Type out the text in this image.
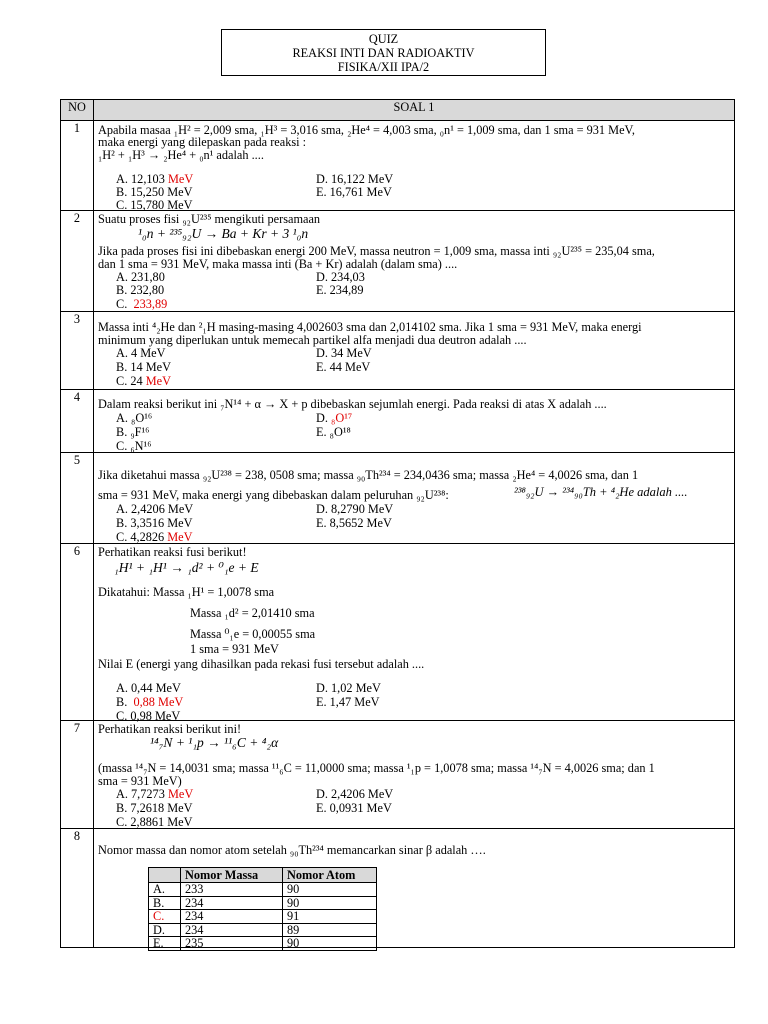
QUIZ
REAKSI INTI DAN RADIOAKTIV
FISIKA/XII IPA/2
NO	SOAL 1
1	Apabila masaa ₁H² = 2,009 sma, ₁H³ = 3,016 sma, ₂He⁴ = 4,003 sma, ₀n¹ = 1,009 sma, dan 1 sma = 931 MeV,
maka energi yang dilepaskan pada reaksi :
₁H² + ₁H³ → ₂He⁴ + ₀n¹ adalah ....
A. 12,103 MeV
B. 15,250 MeV
C. 15,780 MeV
D. 16,122 MeV
E. 16,761 MeV

2	Suatu proses fisi ₉₂U²³⁵ mengikuti persamaan
¹₀n + ²³⁵₉₂U → Ba + Kr + 3 ¹₀n
Jika pada proses fisi ini dibebaskan energi 200 MeV, massa neutron = 1,009 sma, massa inti ₉₂U²³⁵ = 235,04 sma,
dan 1 sma = 931 MeV, maka massa inti (Ba + Kr) adalah (dalam sma) ....
A. 231,80
B. 232,80
C. 233,89
D. 234,03
E. 234,89

3	
Massa inti ⁴₂He dan ²₁H masing-masing 4,002603 sma dan 2,014102 sma. Jika 1 sma = 931 MeV, maka energi
minimum yang diperlukan untuk memecah partikel alfa menjadi dua deutron adalah ....
A. 4 MeV
B. 14 MeV
C. 24 MeV
D. 34 MeV
E. 44 MeV

4	Dalam reaksi berikut ini ₇N¹⁴ + α → X + p dibebaskan sejumlah energi. Pada reaksi di atas X adalah ....
A. ₈O¹⁶
B. ₉F¹⁶
C. ₆N¹⁶
D. ₈O¹⁷
E. ₈O¹⁸

5	
Jika diketahui massa ₉₂U²³⁸ = 238, 0508 sma; massa ₉₀Th²³⁴ = 234,0436 sma; massa ₂He⁴ = 4,0026 sma, dan 1
sma = 931 MeV, maka energi yang dibebaskan dalam peluruhan ₉₂U²³⁸:	²³⁸₉₂U → ²³⁴₉₀Th + ⁴₂He adalah ....
A. 2,4206 MeV
B. 3,3516 MeV
C. 4,2826 MeV
D. 8,2790 MeV
E. 8,5652 MeV

6	Perhatikan reaksi fusi berikut!
₁H¹ + ₁H¹ → ₁d² + ⁰₁e + E
Dikatahui: Massa ₁H¹ = 1,0078 sma
Massa ₁d² = 2,01410 sma
Massa ⁰₁e = 0,00055 sma
1 sma = 931 MeV
Nilai E (energi yang dihasilkan pada rekasi fusi tersebut adalah ....
A. 0,44 MeV
B. 0,88 MeV
C. 0,98 MeV
D. 1,02 MeV
E. 1,47 MeV

7	Perhatikan reaksi berikut ini!
¹⁴₇N + ¹₁p → ¹¹₆C + ⁴₂α
(massa ¹⁴₇N = 14,0031 sma; massa ¹¹₆C = 11,0000 sma; massa ¹₁p = 1,0078 sma; massa ¹⁴₇N = 4,0026 sma; dan 1
sma = 931 MeV)
A. 7,7273 MeV
B. 7,2618 MeV
C. 2,8861 MeV
D. 2,4206 MeV
E. 0,0931 MeV

8	
Nomor massa dan nomor atom setelah ₉₀Th²³⁴ memancarkan sinar β adalah ….
	Nomor Massa	Nomor Atom
A.	233	90
B.	234	90
C.	234	91
D.	234	89
E.	235	90
